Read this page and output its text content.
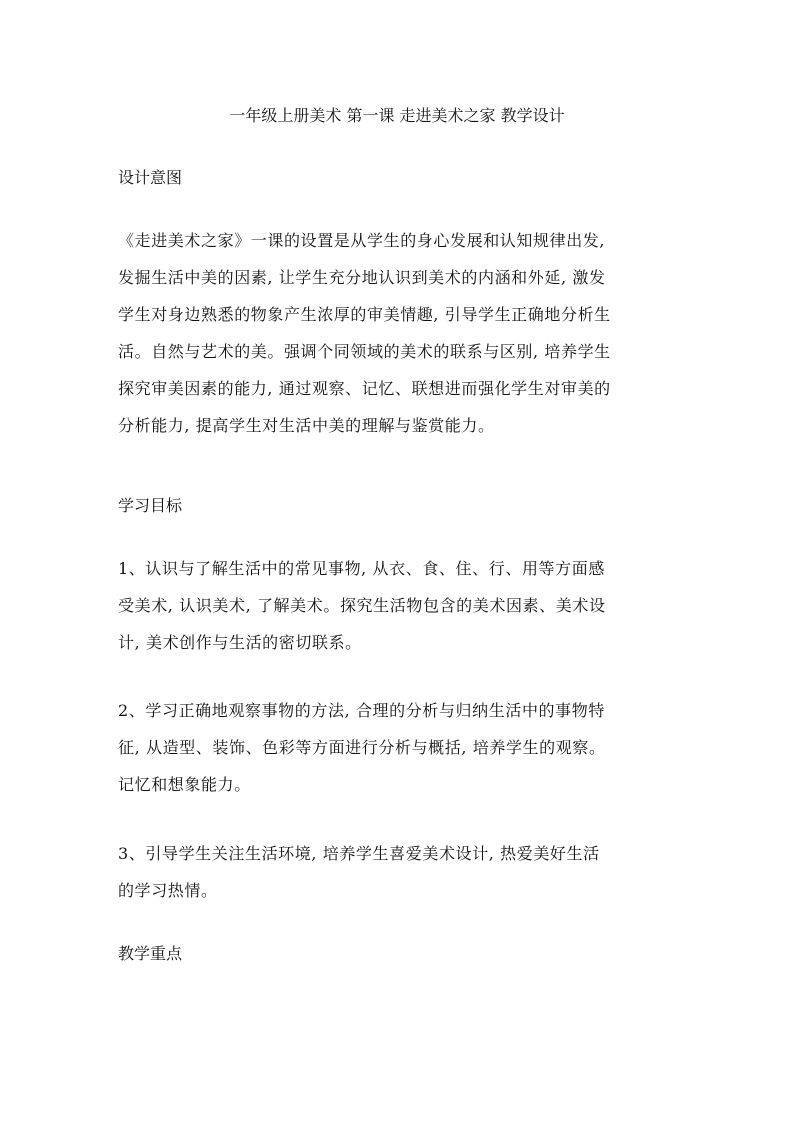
一年级上册美术 第一课 走进美术之家 教学设计
设计意图
《走进美术之家》一课的设置是从学生的身心发展和认知规律出发,
发掘生活中美的因素, 让学生充分地认识到美术的内涵和外延, 激发
学生对身边熟悉的物象产生浓厚的审美情趣, 引导学生正确地分析生
活。自然与艺术的美。强调个同领域的美术的联系与区别, 培养学生
探究审美因素的能力, 通过观察、记忆、联想进而强化学生对审美的
分析能力, 提高学生对生活中美的理解与鉴赏能力。
学习目标
1、认识与了解生活中的常见事物, 从衣、食、住、行、用等方面感
受美术, 认识美术, 了解美术。探究生活物包含的美术因素、美术设
计, 美术创作与生活的密切联系。
2、学习正确地观察事物的方法, 合理的分析与归纳生活中的事物特
征, 从造型、装饰、色彩等方面进行分析与概括, 培养学生的观察。
记忆和想象能力。
3、引导学生关注生活环境, 培养学生喜爱美术设计, 热爱美好生活
的学习热情。
教学重点
